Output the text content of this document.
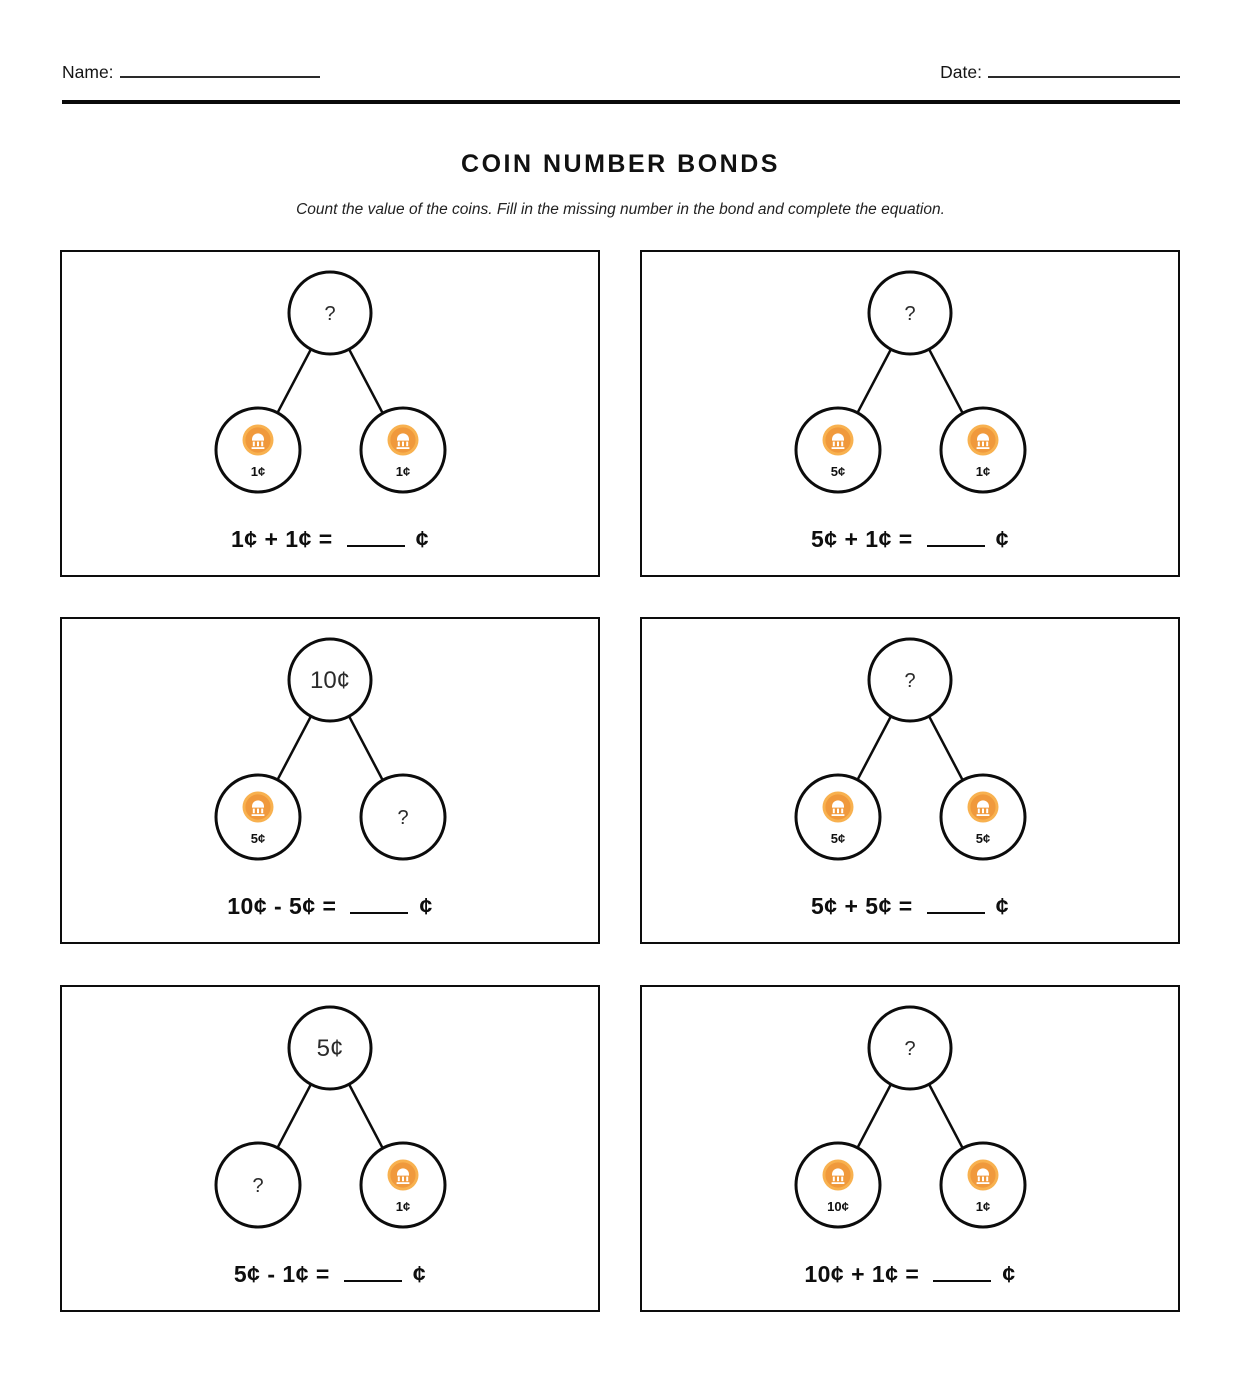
Name:	Date:
COIN NUMBER BONDS
Count the value of the coins. Fill in the missing number in the bond and complete the equation.
?
1¢	1¢
1¢ + 1¢ =	¢
?
5¢	1¢
5¢ + 1¢ =	¢
10¢
5¢
?
10¢ - 5¢ =	¢
?
5¢	5¢
5¢ + 5¢ =	¢
5¢
?
1¢
5¢ - 1¢ =	¢
?
10¢	1¢
10¢ + 1¢ =	¢
